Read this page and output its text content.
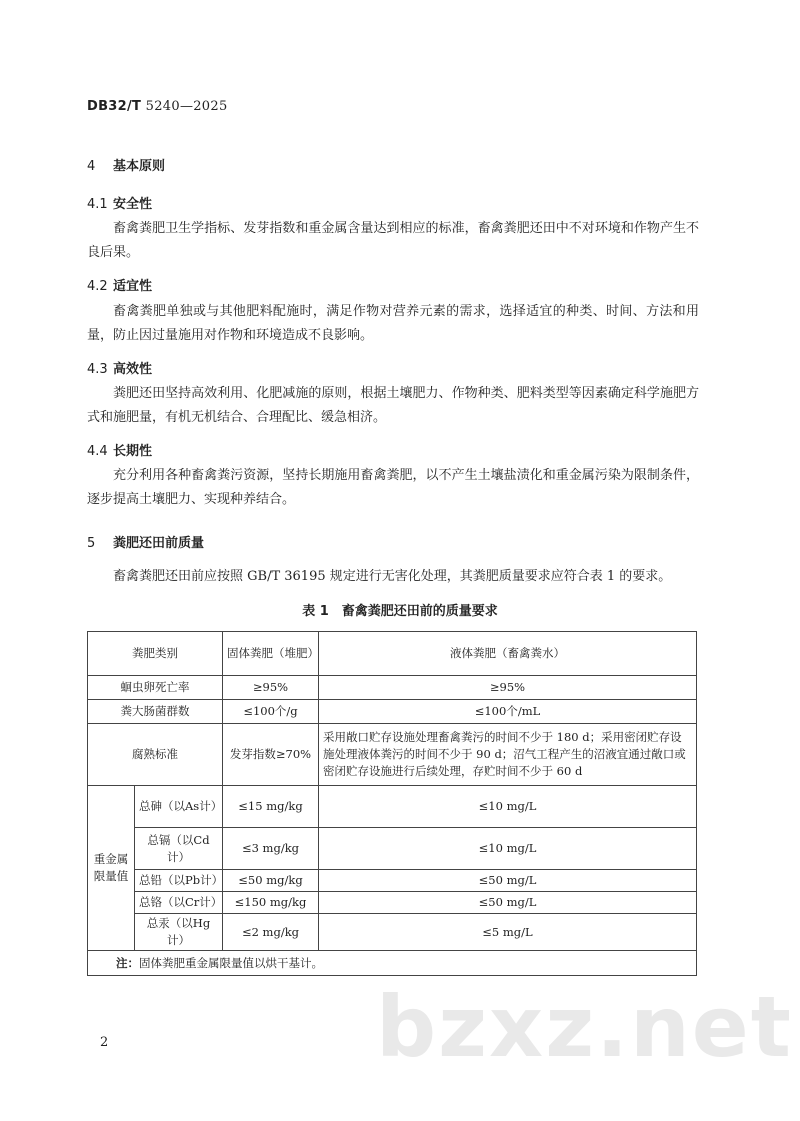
DB32/T 5240—2025
4 基本原则
4.1 安全性

畜禽粪肥卫生学指标、发芽指数和重金属含量达到相应的标准，畜禽粪肥还田中不对环境和作物产生不良后果。

4.2 适宜性

畜禽粪肥单独或与其他肥料配施时，满足作物对营养元素的需求，选择适宜的种类、时间、方法和用量，防止因过量施用对作物和环境造成不良影响。

4.3 高效性

粪肥还田坚持高效利用、化肥减施的原则，根据土壤肥力、作物种类、肥料类型等因素确定科学施肥方式和施肥量，有机无机结合、合理配比、缓急相济。

4.4 长期性

充分利用各种畜禽粪污资源，坚持长期施用畜禽粪肥，以不产生土壤盐渍化和重金属污染为限制条件，逐步提高土壤肥力、实现种养结合。

5 粪肥还田前质量

畜禽粪肥还田前应按照 GB/T 36195 规定进行无害化处理，其粪肥质量要求应符合表 1 的要求。

表 1　畜禽粪肥还田前的质量要求
粪肥类别		固体粪肥（堆肥）	液体粪肥（畜禽粪水）
蛔虫卵死亡率		≥95%	≥95%
粪大肠菌群数		≤100个/g	≤100个/mL
腐熟标准		发芽指数≥70%	采用敞口贮存设施处理畜禽粪污的时间不少于 180 d；采用密闭贮存设施处理液体粪污的时间不少于 90 d；沼气工程产生的沼液宜通过敞口或密闭贮存设施进行后续处理，存贮时间不少于 60 d
重金属限量值	总砷（以As计）	≤15 mg/kg	≤10 mg/L
	总镉（以Cd计）	≤3 mg/kg	≤10 mg/L
	总铅（以Pb计）	≤50 mg/kg	≤50 mg/L
	总铬（以Cr计）	≤150 mg/kg	≤50 mg/L
	总汞（以Hg计）	≤2 mg/kg	≤5 mg/L
注：固体粪肥重金属限量值以烘干基计。			
2	bzxz.net
